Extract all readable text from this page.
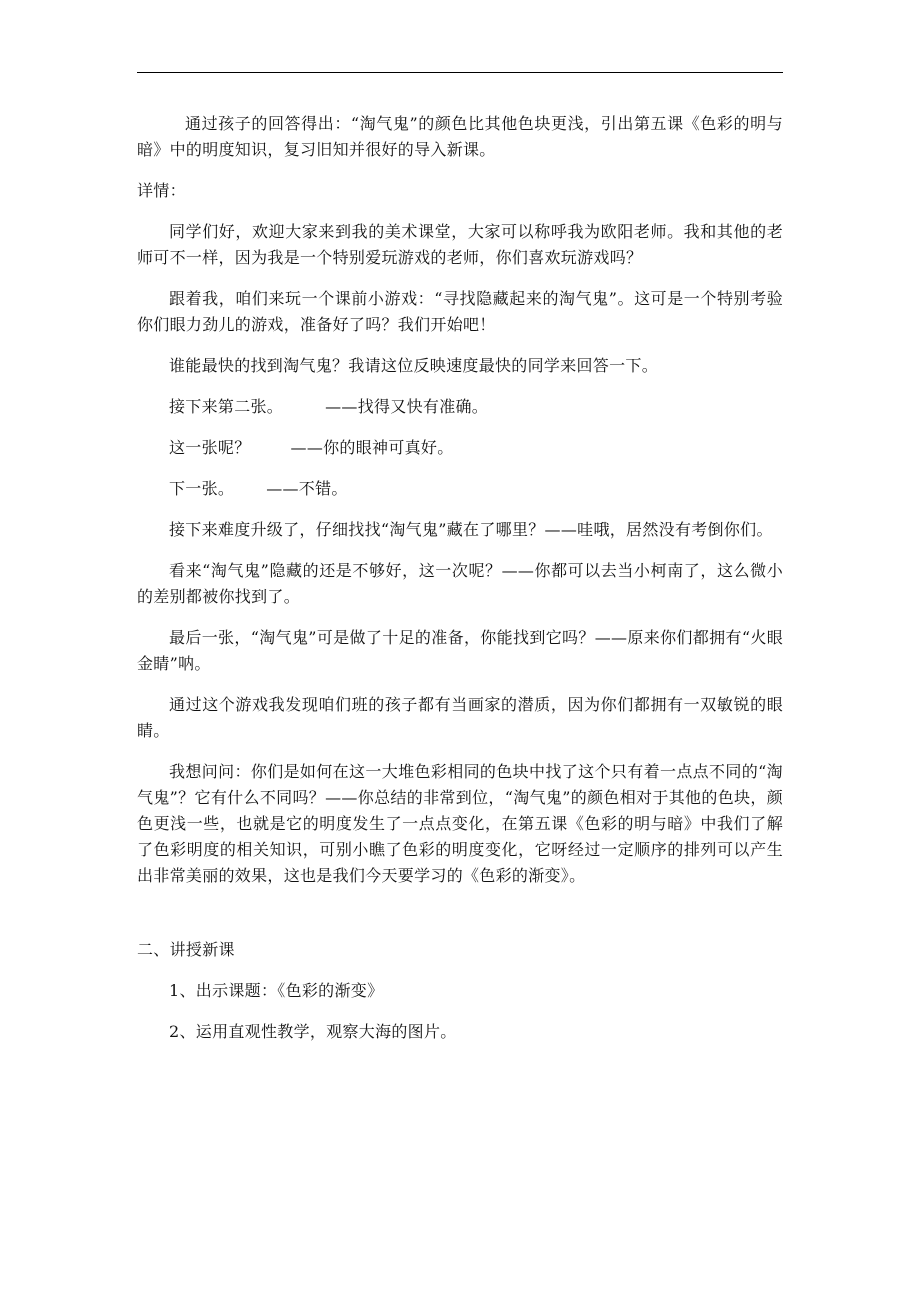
通过孩子的回答得出：“淘气鬼”的颜色比其他色块更浅，引出第五课《色彩的明与暗》中的明度知识，复习旧知并很好的导入新课。

详情：

同学们好，欢迎大家来到我的美术课堂，大家可以称呼我为欧阳老师。我和其他的老师可不一样，因为我是一个特别爱玩游戏的老师，你们喜欢玩游戏吗？

跟着我，咱们来玩一个课前小游戏：“寻找隐藏起来的淘气鬼”。这可是一个特别考验你们眼力劲儿的游戏，准备好了吗？我们开始吧！

谁能最快的找到淘气鬼？我请这位反映速度最快的同学来回答一下。

接下来第二张。	——找得又快有准确。
这一张呢？	——你的眼神可真好。
下一张。 ——不错。

接下来难度升级了，仔细找找“淘气鬼”藏在了哪里？——哇哦，居然没有考倒你们。

看来“淘气鬼”隐藏的还是不够好，这一次呢？——你都可以去当小柯南了，这么微小的差别都被你找到了。

最后一张，“淘气鬼”可是做了十足的准备，你能找到它吗？——原来你们都拥有“火眼金睛”呐。

通过这个游戏我发现咱们班的孩子都有当画家的潜质，因为你们都拥有一双敏锐的眼睛。

我想问问：你们是如何在这一大堆色彩相同的色块中找了这个只有着一点点不同的“淘气鬼”？它有什么不同吗？——你总结的非常到位，“淘气鬼”的颜色相对于其他的色块，颜色更浅一些，也就是它的明度发生了一点点变化，在第五课《色彩的明与暗》中我们了解了色彩明度的相关知识，可别小瞧了色彩的明度变化，它呀经过一定顺序的排列可以产生出非常美丽的效果，这也是我们今天要学习的《色彩的渐变》。

二、讲授新课

1、出示课题：《色彩的渐变》
2、运用直观性教学，观察大海的图片。
